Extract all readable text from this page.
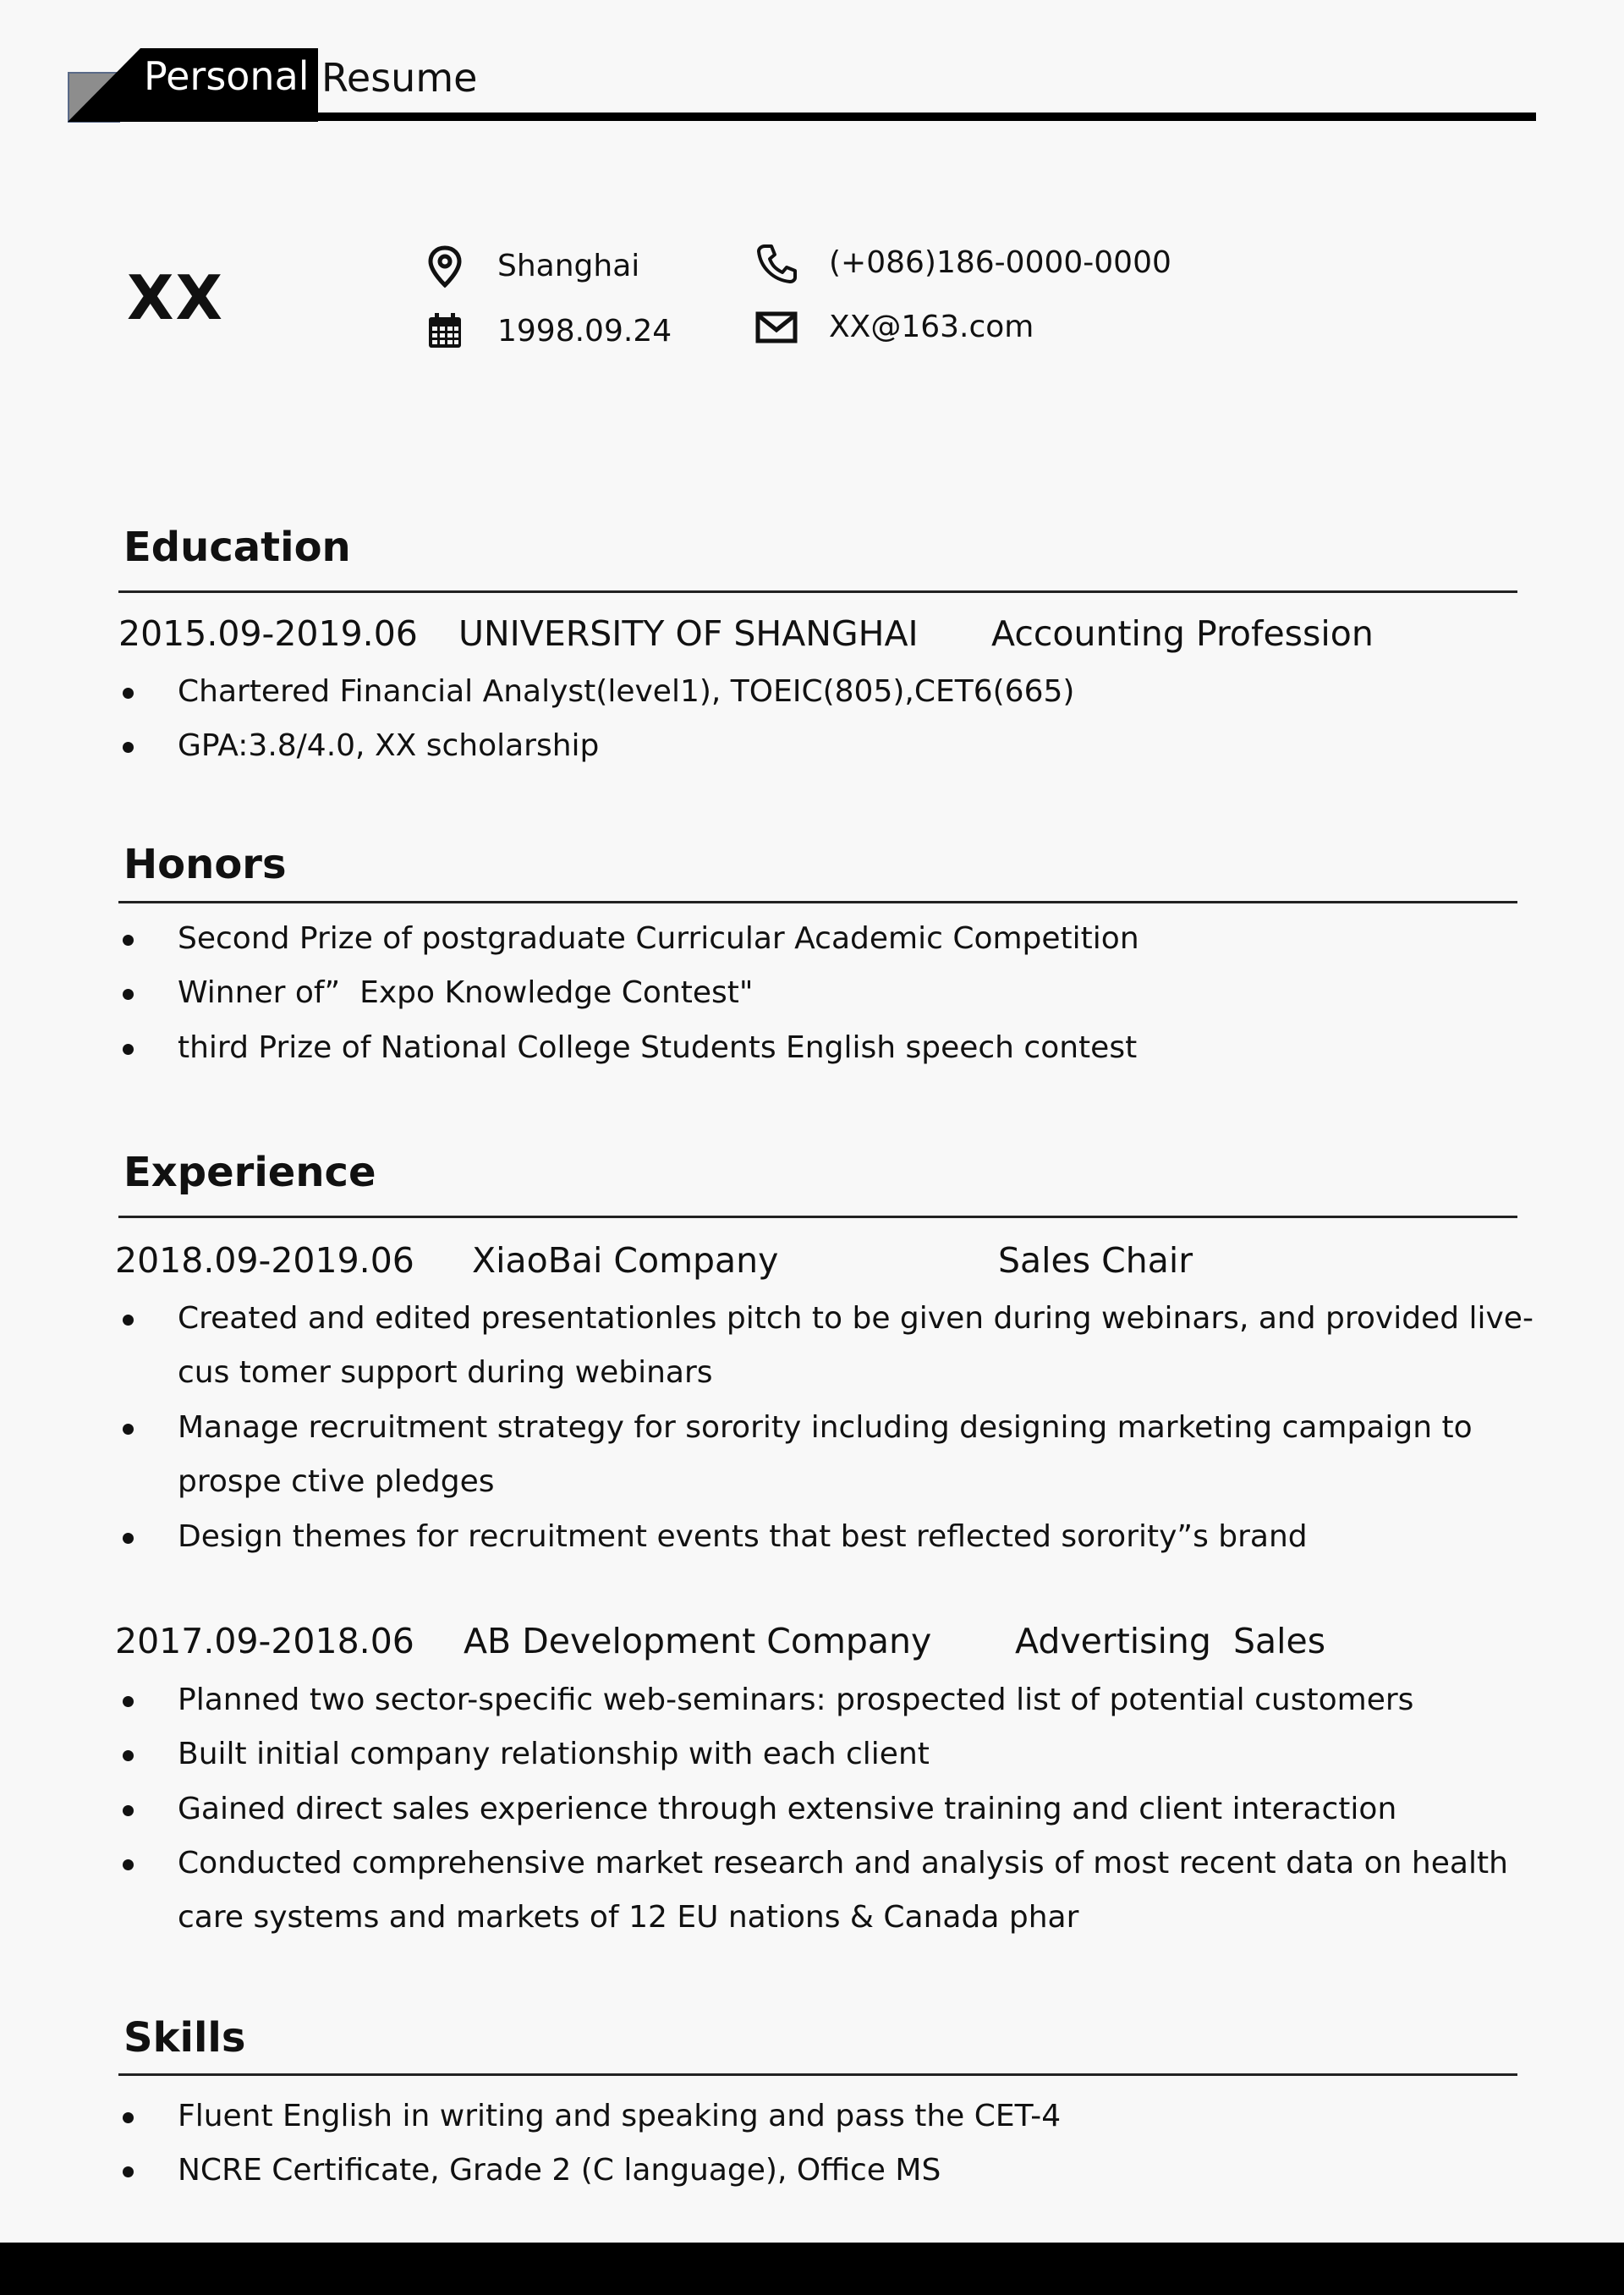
Personal Resume
XX	Shanghai
1998.09.24
(+086)186-0000-0000
XX@163.com
Education
2015.09-2019.06 UNIVERSITY OF SHANGHAI Accounting Profession
Chartered Financial Analyst(level1), TOEIC(805),CET6(665)
GPA:3.8/4.0, XX scholarship
Honors
Second Prize of postgraduate Curricular Academic Competition
Winner of”  Expo Knowledge Contest"
third Prize of National College Students English speech contest
Experience
2018.09-2019.06 XiaoBai Company	Sales Chair
Created and edited presentationles pitch to be given during webinars, and provided live-cus tomer support during webinars
Manage recruitment strategy for sorority including designing marketing campaign to prospe ctive pledges
Design themes for recruitment events that best reflected sorority”s brand
2017.09-2018.06 AB Development Company Advertising  Sales
Planned two sector-specific web-seminars: prospected list of potential customers
Built initial company relationship with each client
Gained direct sales experience through extensive training and client interaction
Conducted comprehensive market research and analysis of most recent data on health care systems and markets of 12 EU nations & Canada phar
Skills
Fluent English in writing and speaking and pass the CET-4
NCRE Certificate, Grade 2 (C language), Office MS
